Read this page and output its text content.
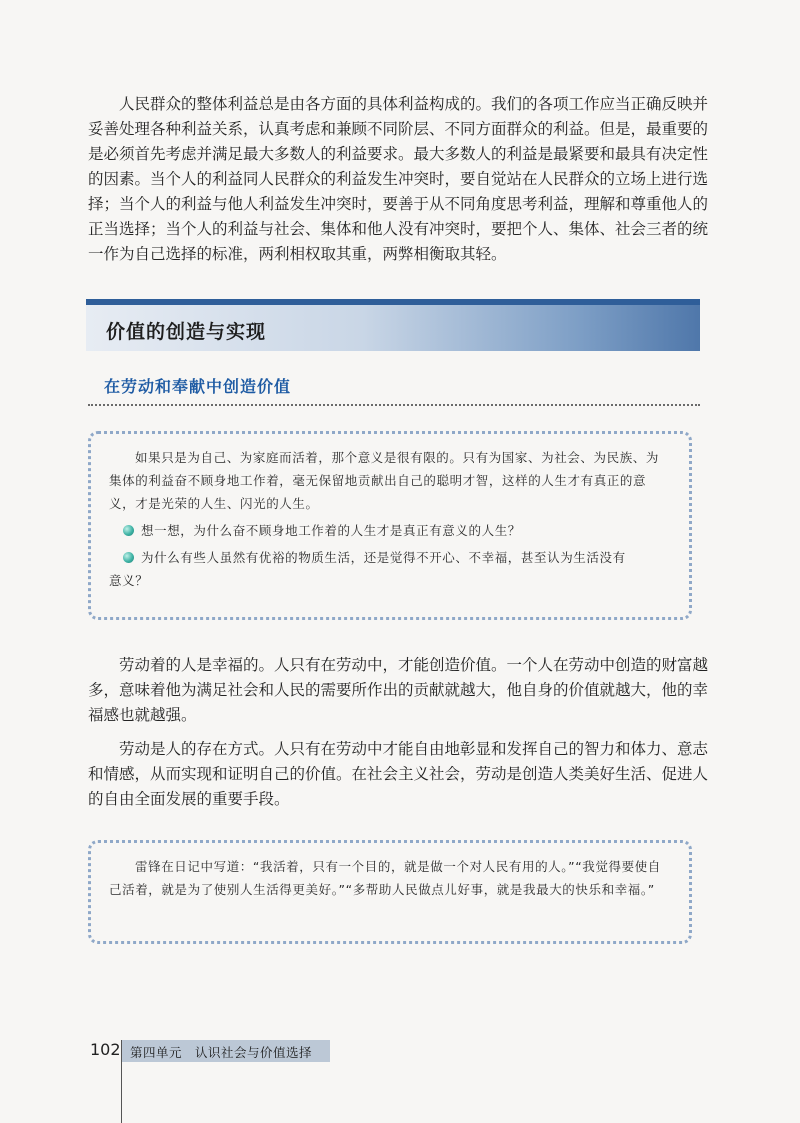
人民群众的整体利益总是由各方面的具体利益构成的。我们的各项工作应当正确反映并妥善处理各种利益关系，认真考虑和兼顾不同阶层、不同方面群众的利益。但是，最重要的是必须首先考虑并满足最大多数人的利益要求。最大多数人的利益是最紧要和最具有决定性的因素。当个人的利益同人民群众的利益发生冲突时，要自觉站在人民群众的立场上进行选择；当个人的利益与他人利益发生冲突时，要善于从不同角度思考利益，理解和尊重他人的正当选择；当个人的利益与社会、集体和他人没有冲突时，要把个人、集体、社会三者的统一作为自己选择的标准，两利相权取其重，两弊相衡取其轻。

价值的创造与实现
在劳动和奉献中创造价值

如果只是为自己、为家庭而活着，那个意义是很有限的。只有为国家、为社会、为民族、为集体的利益奋不顾身地工作着，毫无保留地贡献出自己的聪明才智，这样的人生才有真正的意义，才是光荣的人生、闪光的人生。

想一想，为什么奋不顾身地工作着的人生才是真正有意义的人生？

为什么有些人虽然有优裕的物质生活，还是觉得不开心、不幸福，甚至认为生活没有
意义？

劳动着的人是幸福的。人只有在劳动中，才能创造价值。一个人在劳动中创造的财富越多，意味着他为满足社会和人民的需要所作出的贡献就越大，他自身的价值就越大，他的幸福感也就越强。

劳动是人的存在方式。人只有在劳动中才能自由地彰显和发挥自己的智力和体力、意志和情感，从而实现和证明自己的价值。在社会主义社会，劳动是创造人类美好生活、促进人的自由全面发展的重要手段。

雷锋在日记中写道：“我活着，只有一个目的，就是做一个对人民有用的人。”“我觉得要使自己活着，就是为了使别人生活得更美好。”“多帮助人民做点儿好事，就是我最大的快乐和幸福。”

102 第四单元　认识社会与价值选择
